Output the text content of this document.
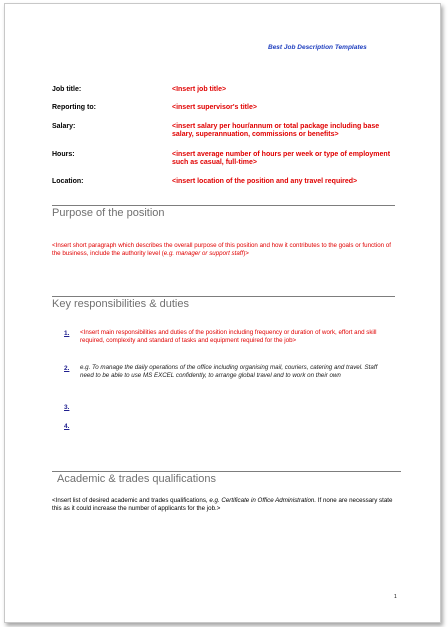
Best Job Description Templates
Job title:	<Insert job title>
Reporting to:	<insert supervisor's title>
Salary:	<insert salary per hour/annum or total package including base salary, superannuation, commissions or benefits>
Hours:	<insert average number of hours per week or type of employment such as casual, full-time>
Location:	<insert location of the position and any travel required>
Purpose of the position
<Insert short paragraph which describes the overall purpose of this position and how it contributes to the goals or function of the business, include the authority level (e.g. manager or support staff)>
Key responsibilities & duties
1. <Insert main responsibilities and duties of the position including frequency or duration of work, effort and skill required, complexity and standard of tasks and equipment required for the job>
2. e.g. To manage the daily operations of the office including organising mail, couriers, catering and travel. Staff need to be able to use MS EXCEL confidently, to arrange global travel and to work on their own
3.
4.
Academic & trades qualifications
<Insert list of desired academic and trades qualifications, e.g. Certificate in Office Administration. If none are necessary state this as it could increase the number of applicants for the job.>
1
